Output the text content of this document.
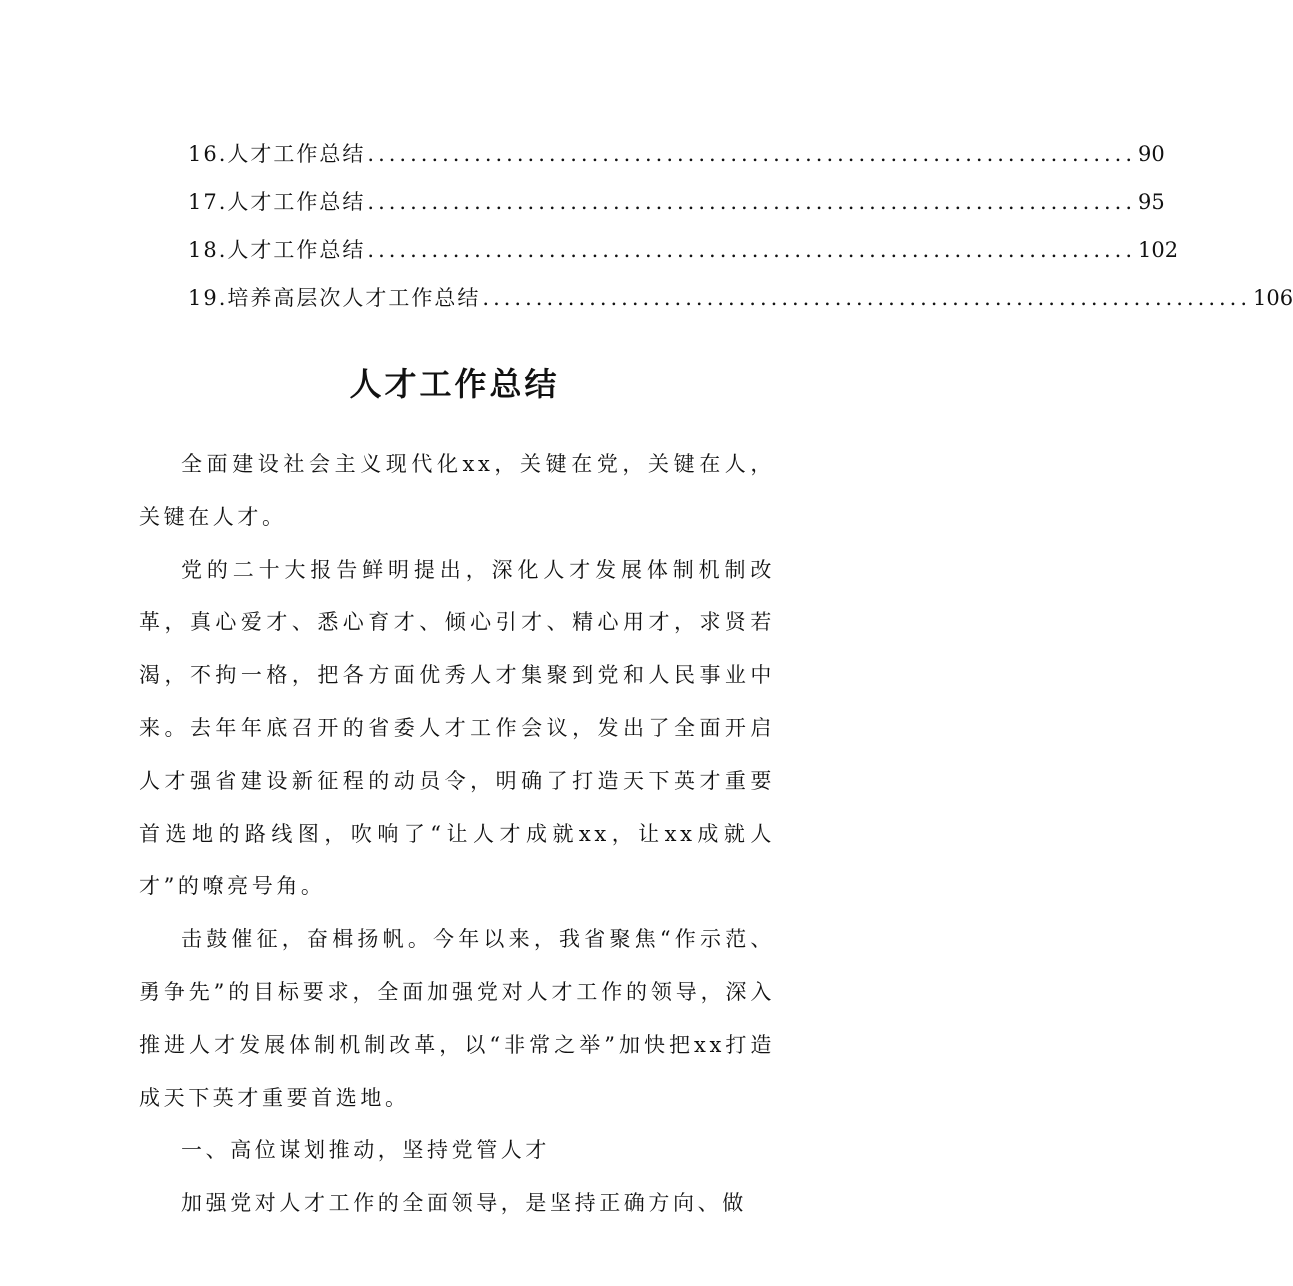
16. 人才工作总结 ........................................................................ 90
17. 人才工作总结 ........................................................................ 95
18. 人才工作总结 ........................................................................ 102
19. 培养高层次人才工作总结 ........................................................................ 106
人才工作总结

全面建设社会主义现代化xx，关键在党，关键在人，关键在人才。

党的二十大报告鲜明提出，深化人才发展体制机制改革，真心爱才、悉心育才、倾心引才、精心用才，求贤若渴，不拘一格，把各方面优秀人才集聚到党和人民事业中来。去年年底召开的省委人才工作会议，发出了全面开启人才强省建设新征程的动员令，明确了打造天下英才重要首选地的路线图，吹响了“让人才成就xx，让xx成就人才”的嘹亮号角。

击鼓催征，奋楫扬帆。今年以来，我省聚焦“作示范、勇争先”的目标要求，全面加强党对人才工作的领导，深入推进人才发展体制机制改革，以“非常之举”加快把xx打造成天下英才重要首选地。

一、高位谋划推动，坚持党管人才

加强党对人才工作的全面领导，是坚持正确方向、做
